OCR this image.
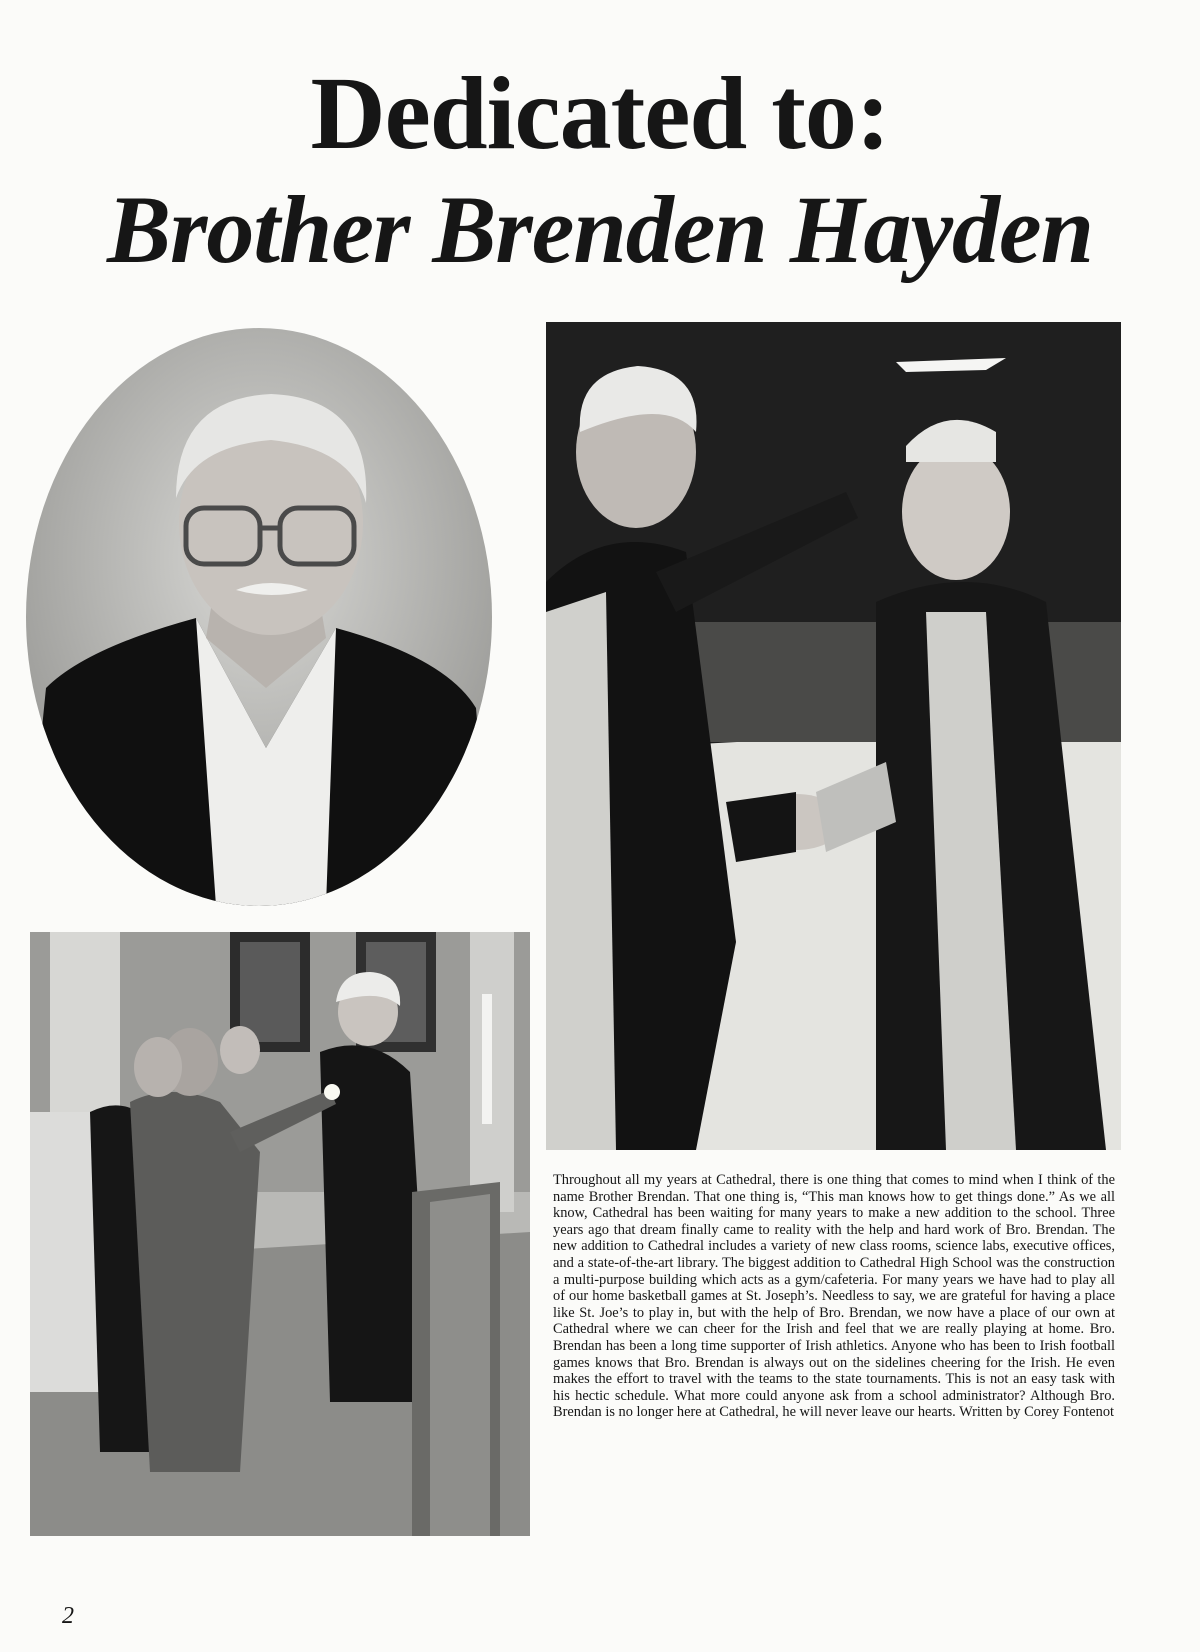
Dedicated to:
Brother Brenden Hayden

Throughout all my years at Cathedral, there is one thing that comes to mind when I think of the name Brother Brendan. That one thing is, “This man knows how to get things done.” As we all know, Cathedral has been waiting for many years to make a new addition to the school. Three years ago that dream finally came to reality with the help and hard work of Bro. Brendan. The new addition to Cathedral includes a variety of new class rooms, science labs, executive offices, and a state-of-the-art library. The biggest addition to Cathedral High School was the construction a multi-purpose building which acts as a gym/cafeteria. For many years we have had to play all of our home basketball games at St. Joseph’s. Needless to say, we are grateful for having a place like St. Joe’s to play in, but with the help of Bro. Brendan, we now have a place of our own at Cathedral where we can cheer for the Irish and feel that we are really playing at home. Bro. Brendan has been a long time supporter of Irish athletics. Anyone who has been to Irish football games knows that Bro. Brendan is always out on the sidelines cheering for the Irish. He even makes the effort to travel with the teams to the state tournaments. This is not an easy task with his hectic schedule. What more could anyone ask from a school administrator? Although Bro. Brendan is no longer here at Cathedral, he will never leave our hearts. Written by Corey Fontenot

2
